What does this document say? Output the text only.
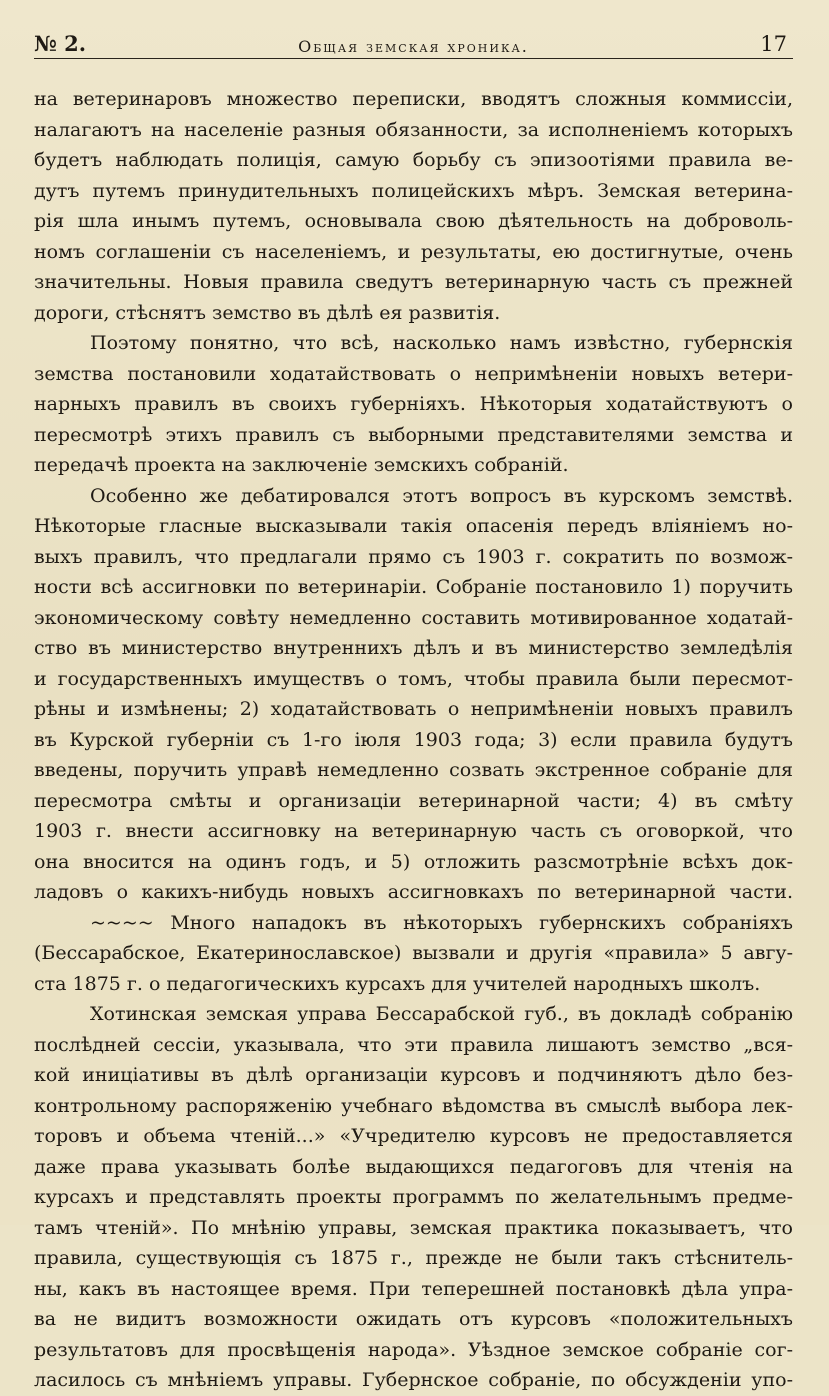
№ 2.	Общая земская хроника.	17
на ветеринаровъ множество переписки, вводятъ сложныя коммиссіи,
налагаютъ на населеніе разныя обязанности, за исполненіемъ которыхъ
будетъ наблюдать полиція, самую борьбу съ эпизоотіями правила ве-
дутъ путемъ принудительныхъ полицейскихъ мѣръ. Земская ветерина-
рія шла инымъ путемъ, основывала свою дѣятельность на доброволь-
номъ соглашеніи съ населеніемъ, и результаты, ею достигнутые, очень
значительны. Новыя правила сведутъ ветеринарную часть съ прежней
дороги, стѣснятъ земство въ дѣлѣ ея развитія.
Поэтому понятно, что всѣ, насколько намъ извѣстно, губернскія
земства постановили ходатайствовать о непримѣненіи новыхъ ветери-
нарныхъ правилъ въ своихъ губерніяхъ. Нѣкоторыя ходатайствуютъ о
пересмотрѣ этихъ правилъ съ выборными представителями земства и
передачѣ проекта на заключеніе земскихъ собраній.
Особенно же дебатировался этотъ вопросъ въ курскомъ земствѣ.
Нѣкоторые гласные высказывали такія опасенія передъ вліяніемъ но-
выхъ правилъ, что предлагали прямо съ 1903 г. сократить по возмож-
ности всѣ ассигновки по ветеринаріи. Собраніе постановило 1) поручить
экономическому совѣту немедленно составить мотивированное ходатай-
ство въ министерство внутреннихъ дѣлъ и въ министерство земледѣлія
и государственныхъ имуществъ о томъ, чтобы правила были пересмот-
рѣны и измѣнены; 2) ходатайствовать о непримѣненіи новыхъ правилъ
въ Курской губерніи съ 1-го іюля 1903 года; 3) если правила будутъ
введены, поручить управѣ немедленно созвать экстренное собраніе для
пересмотра смѣты и организаціи ветеринарной части; 4) въ смѣту
1903 г. внести ассигновку на ветеринарную часть съ оговоркой, что
она вносится на одинъ годъ, и 5) отложить разсмотрѣніе всѣхъ док-
ладовъ о какихъ-нибудь новыхъ ассигновкахъ по ветеринарной части.
~~~~ Много нападокъ въ нѣкоторыхъ губернскихъ собраніяхъ
(Бессарабское, Екатеринославское) вызвали и другія «правила» 5 авгу-
ста 1875 г. о педагогическихъ курсахъ для учителей народныхъ школъ.
Хотинская земская управа Бессарабской губ., въ докладѣ собранію
послѣдней сессіи, указывала, что эти правила лишаютъ земство „вся-
кой иниціативы въ дѣлѣ организаціи курсовъ и подчиняютъ дѣло без-
контрольному распоряженію учебнаго вѣдомства въ смыслѣ выбора лек-
торовъ и объема чтеній...» «Учредителю курсовъ не предоставляется
даже права указывать болѣе выдающихся педагоговъ для чтенія на
курсахъ и представлять проекты программъ по желательнымъ предме-
тамъ чтеній». По мнѣнію управы, земская практика показываетъ, что
правила, существующія съ 1875 г., прежде не были такъ стѣснитель-
ны, какъ въ настоящее время. При теперешней постановкѣ дѣла упра-
ва не видитъ возможности ожидать отъ курсовъ «положительныхъ
результатовъ для просвѣщенія народа». Уѣздное земское собраніе сог-
ласилось съ мнѣніемъ управы. Губернское собраніе, по обсужденіи упо-
